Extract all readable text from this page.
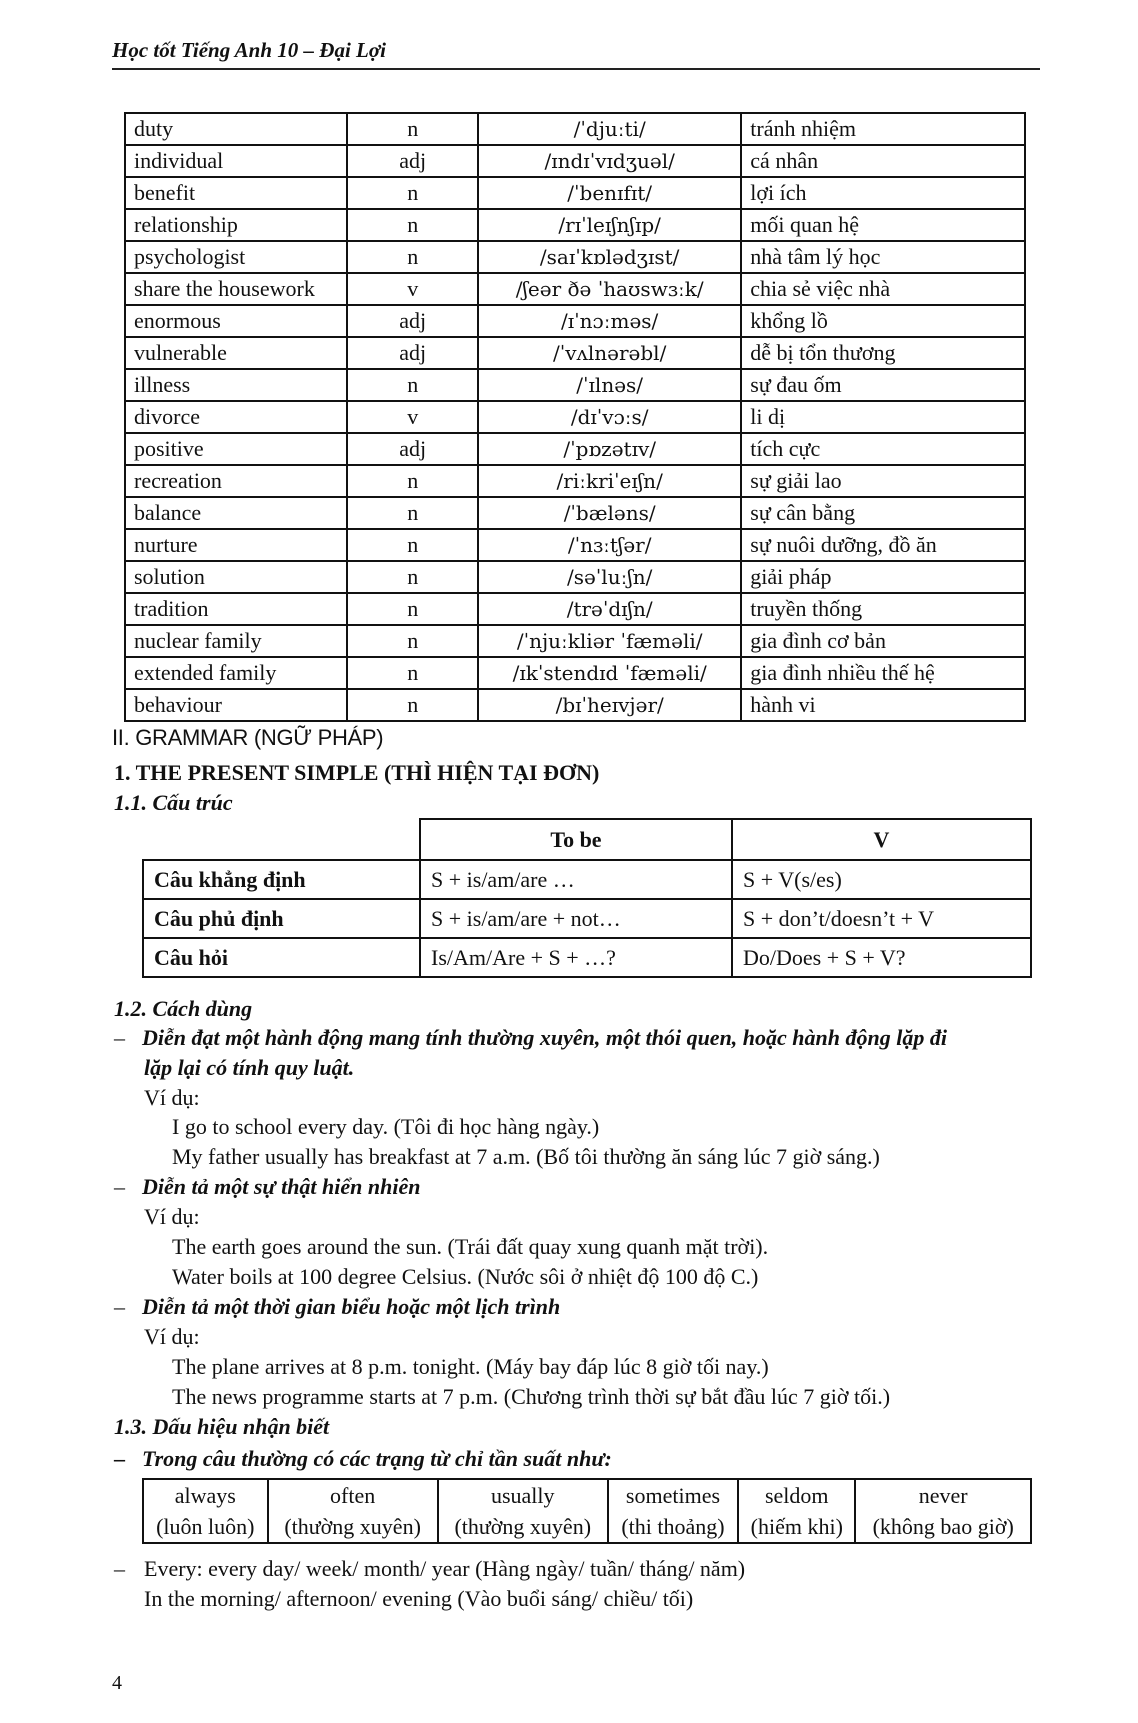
Học tốt Tiếng Anh 10 – Đại Lợi
duty	n	/ˈdjuːti/	tránh nhiệm
individual	adj	/ɪndɪˈvɪdʒuəl/	cá nhân
benefit	n	/ˈbenɪfɪt/	lợi ích
relationship	n	/rɪˈleɪʃnʃɪp/	mối quan hệ
psychologist	n	/saɪˈkɒlədʒɪst/	nhà tâm lý học
share the housework	v	/ʃeər ðə ˈhaʊswɜːk/	chia sẻ việc nhà
enormous	adj	/ɪˈnɔːməs/	khổng lồ
vulnerable	adj	/ˈvʌlnərəbl/	dễ bị tổn thương
illness	n	/ˈɪlnəs/	sự đau ốm
divorce	v	/dɪˈvɔːs/	li dị
positive	adj	/ˈpɒzətɪv/	tích cực
recreation	n	/riːkriˈeɪʃn/	sự giải lao
balance	n	/ˈbæləns/	sự cân bằng
nurture	n	/ˈnɜːtʃər/	sự nuôi dưỡng, đồ ăn
solution	n	/səˈluːʃn/	giải pháp
tradition	n	/trəˈdɪʃn/	truyền thống
nuclear family	n	/ˈnjuːkliər ˈfæməli/	gia đình cơ bản
extended family	n	/ɪkˈstendɪd ˈfæməli/	gia đình nhiều thế hệ
behaviour	n	/bɪˈheɪvjər/	hành vi
II. GRAMMAR (NGỮ PHÁP)
1. THE PRESENT SIMPLE (THÌ HIỆN TẠI ĐƠN)
1.1. Cấu trúc
	To be	V
Câu khẳng định	S + is/am/are …	S + V(s/es)
Câu phủ định	S + is/am/are + not…	S + don’t/doesn’t + V
Câu hỏi	Is/Am/Are + S + …?	Do/Does + S + V?
1.2. Cách dùng
– Diễn đạt một hành động mang tính thường xuyên, một thói quen, hoặc hành động lặp đi
lặp lại có tính quy luật.
Ví dụ:
I go to school every day. (Tôi đi học hàng ngày.)
My father usually has breakfast at 7 a.m. (Bố tôi thường ăn sáng lúc 7 giờ sáng.)
– Diễn tả một sự thật hiển nhiên
Ví dụ:
The earth goes around the sun. (Trái đất quay xung quanh mặt trời).
Water boils at 100 degree Celsius. (Nước sôi ở nhiệt độ 100 độ C.)
– Diễn tả một thời gian biểu hoặc một lịch trình
Ví dụ:
The plane arrives at 8 p.m. tonight. (Máy bay đáp lúc 8 giờ tối nay.)
The news programme starts at 7 p.m. (Chương trình thời sự bắt đầu lúc 7 giờ tối.)
1.3. Dấu hiệu nhận biết
– Trong câu thường có các trạng từ chỉ tần suất như:
always	often	usually	sometimes	seldom	never
(luôn luôn)	(thường xuyên)	(thường xuyên)	(thi thoảng)	(hiếm khi)	(không bao giờ)
– Every: every day/ week/ month/ year (Hàng ngày/ tuần/ tháng/ năm)
In the morning/ afternoon/ evening (Vào buổi sáng/ chiều/ tối)
4
